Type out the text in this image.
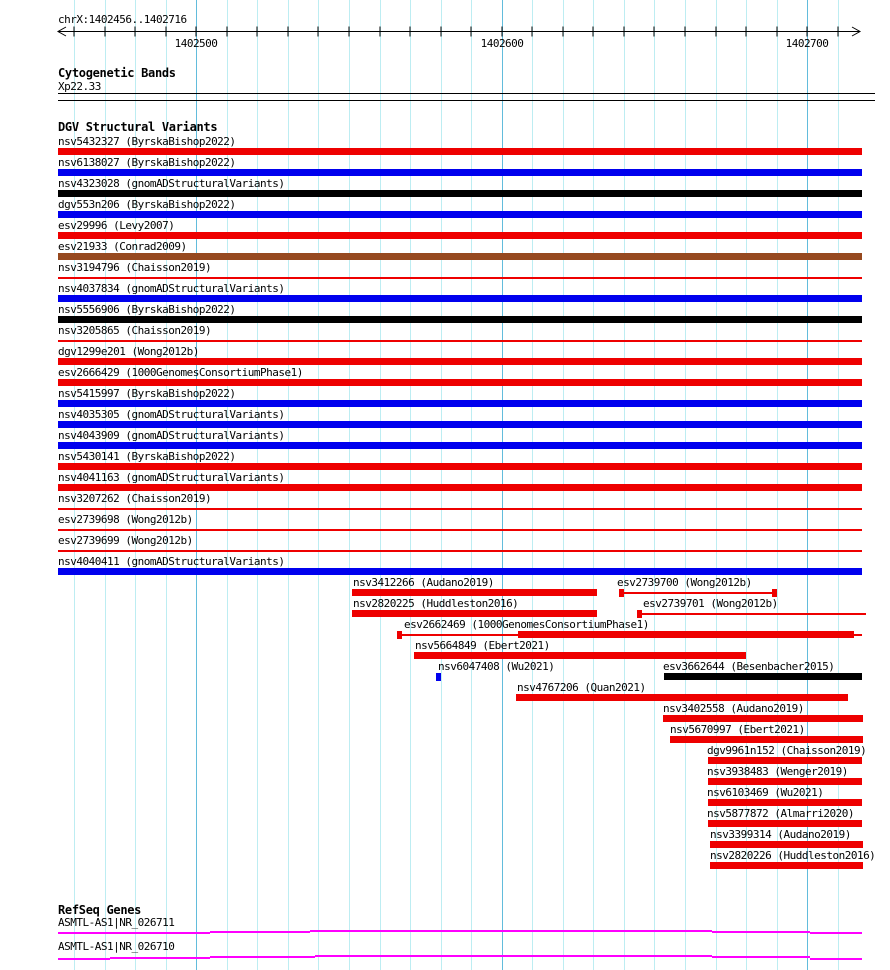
chrX:1402456..1402716
1402500	1402600	1402700
Cytogenetic Bands
Xp22.33
DGV Structural Variants
nsv5432327 (ByrskaBishop2022)
nsv6138027 (ByrskaBishop2022)
nsv4323028 (gnomADStructuralVariants)
dgv553n206 (ByrskaBishop2022)
esv29996 (Levy2007)
esv21933 (Conrad2009)
nsv3194796 (Chaisson2019)
nsv4037834 (gnomADStructuralVariants)
nsv5556906 (ByrskaBishop2022)
nsv3205865 (Chaisson2019)
dgv1299e201 (Wong2012b)
esv2666429 (1000GenomesConsortiumPhase1)
nsv5415997 (ByrskaBishop2022)
nsv4035305 (gnomADStructuralVariants)
nsv4043909 (gnomADStructuralVariants)
nsv5430141 (ByrskaBishop2022)
nsv4041163 (gnomADStructuralVariants)
nsv3207262 (Chaisson2019)
esv2739698 (Wong2012b)
esv2739699 (Wong2012b)
nsv4040411 (gnomADStructuralVariants)
nsv3412266 (Audano2019)	esv2739700 (Wong2012b)
nsv2820225 (Huddleston2016)	esv2739701 (Wong2012b)
esv2662469 (1000GenomesConsortiumPhase1)
nsv5664849 (Ebert2021)
nsv6047408 (Wu2021)	esv3662644 (Besenbacher2015)
nsv4767206 (Quan2021)
nsv3402558 (Audano2019)
nsv5670997 (Ebert2021)
dgv9961n152 (Chaisson2019)
nsv3938483 (Wenger2019)
nsv6103469 (Wu2021)
nsv5877872 (Almarri2020)
nsv3399314 (Audano2019)
nsv2820226 (Huddleston2016)
RefSeq Genes
ASMTL-AS1|NR_026711
ASMTL-AS1|NR_026710
